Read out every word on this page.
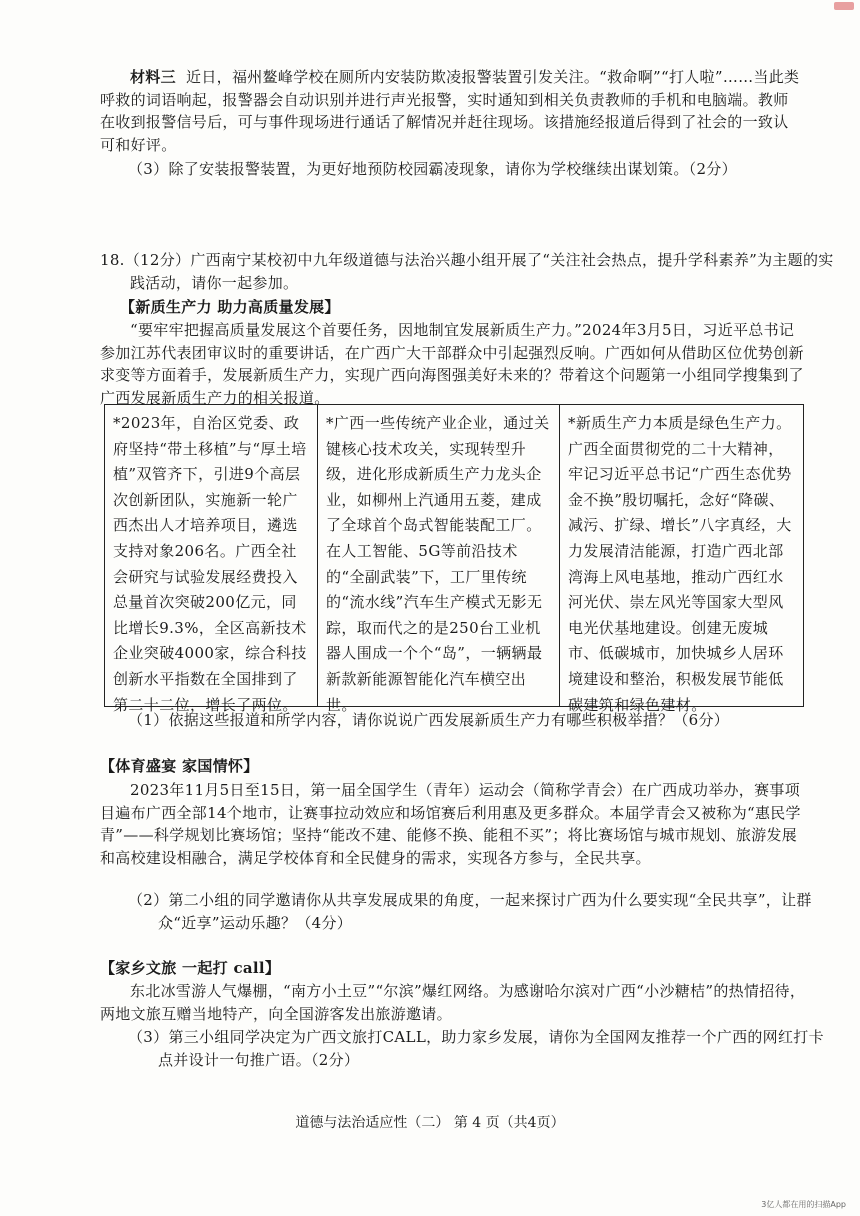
材料三 近日，福州鳌峰学校在厕所内安装防欺凌报警装置引发关注。“救命啊”“打人啦”……当此类呼救的词语响起，报警器会自动识别并进行声光报警，实时通知到相关负责教师的手机和电脑端。教师在收到报警信号后，可与事件现场进行通话了解情况并赶往现场。该措施经报道后得到了社会的一致认可和好评。
（3）除了安装报警装置，为更好地预防校园霸凌现象，请你为学校继续出谋划策。（2分）
18.（12分）广西南宁某校初中九年级道德与法治兴趣小组开展了“关注社会热点，提升学科素养”为主题的实践活动，请你一起参加。
【新质生产力 助力高质量发展】
“要牢牢把握高质量发展这个首要任务，因地制宜发展新质生产力。”2024年3月5日，习近平总书记参加江苏代表团审议时的重要讲话，在广西广大干部群众中引起强烈反响。广西如何从借助区位优势创新求变等方面着手，发展新质生产力，实现广西向海图强美好未来的？带着这个问题第一小组同学搜集到了广西发展新质生产力的相关报道。
*2023年，自治区党委、政府坚持“带土移植”与“厚土培植”双管齐下，引进9个高层次创新团队，实施新一轮广西杰出人才培养项目，遴选支持对象206名。广西全社会研究与试验发展经费投入总量首次突破200亿元，同比增长9.3%，全区高新技术企业突破4000家，综合科技创新水平指数在全国排到了第二十二位，增长了两位。
*广西一些传统产业企业，通过关键核心技术攻关，实现转型升级，进化形成新质生产力龙头企业，如柳州上汽通用五菱，建成了全球首个岛式智能装配工厂。在人工智能、5G等前沿技术的“全副武装”下，工厂里传统的“流水线”汽车生产模式无影无踪，取而代之的是250台工业机器人围成一个个“岛”，一辆辆最新款新能源智能化汽车横空出世。
*新质生产力本质是绿色生产力。广西全面贯彻党的二十大精神，牢记习近平总书记“广西生态优势金不换”殷切嘱托，念好“降碳、减污、扩绿、增长”八字真经，大力发展清洁能源，打造广西北部湾海上风电基地，推动广西红水河光伏、崇左风光等国家大型风电光伏基地建设。创建无废城市、低碳城市，加快城乡人居环境建设和整治，积极发展节能低碳建筑和绿色建材。
（1）依据这些报道和所学内容，请你说说广西发展新质生产力有哪些积极举措？（6分）
【体育盛宴 家国情怀】
2023年11月5日至15日，第一届全国学生（青年）运动会（简称学青会）在广西成功举办，赛事项目遍布广西全部14个地市，让赛事拉动效应和场馆赛后利用惠及更多群众。本届学青会又被称为“惠民学青”——科学规划比赛场馆；坚持“能改不建、能修不换、能租不买”；将比赛场馆与城市规划、旅游发展和高校建设相融合，满足学校体育和全民健身的需求，实现各方参与，全民共享。
（2）第二小组的同学邀请你从共享发展成果的角度，一起来探讨广西为什么要实现“全民共享”，让群众“近享”运动乐趣？（4分）
【家乡文旅 一起打 call】
东北冰雪游人气爆棚，“南方小土豆”“尔滨”爆红网络。为感谢哈尔滨对广西“小沙糖桔”的热情招待，两地文旅互赠当地特产，向全国游客发出旅游邀请。
（3）第三小组同学决定为广西文旅打CALL，助力家乡发展，请你为全国网友推荐一个广西的网红打卡点并设计一句推广语。（2分）
道德与法治适应性（二） 第 4 页（共4页）
3亿人都在用的扫描App
